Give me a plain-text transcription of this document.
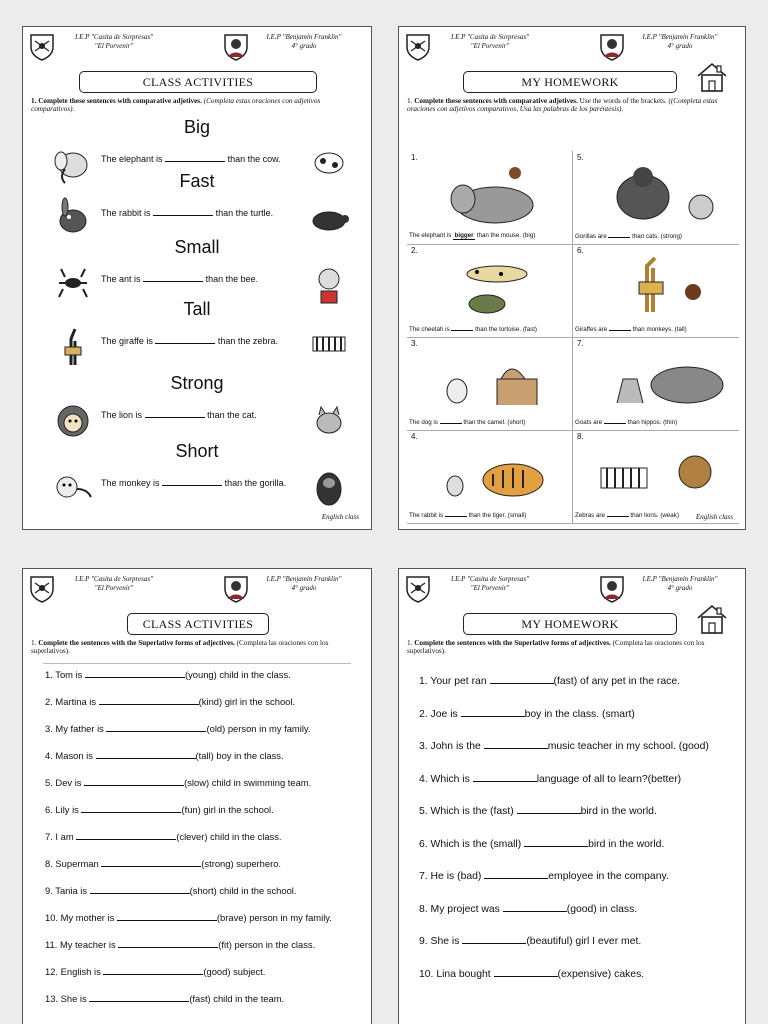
I.E.P "Casita de Sorpresas"
"El Porvenir"
I.E.P "Benjamín Franklin"
4° grado
CLASS ACTIVITIES
1. Complete these sentences with comparative adjetives. (Completa estas oraciones con adjetivos comparativos).
English class
Big
The elephant is	than the cow.
Fast
The rabbit is	than the turtle.
Small
The ant is	than the bee.
Tall
The giraffe is	than the zebra.
Strong
The lion is	than the cat.
Short
The monkey is	than the gorilla.
I.E.P "Casita de Sorpresas"
"El Porvenir"
I.E.P "Benjamín Franklin"
4° grado
MY HOMEWORK
1. Complete these sentences with comparative adjetives. Use the words of the brackets. ((Completa estas oraciones con adjetivos comparativos, Usa las palabras de los paréntesis).
1.
The elephant is bigger than the mouse. (big)
5.
Gorillas are	than cats. (strong)
2.
The cheetah is	than the tortoise. (fast)
6.
Giraffes are	than monkeys. (tall)
3.
The dog is	than the camel. (short)
7.
Goats are	than hippos. (thin)
4.
The rabbit is	than the tiger. (small)
8.
Zebras are	than lions. (weak)	English class
I.E.P "Casita de Sorpresas"
"El Porvenir"
I.E.P "Benjamín Franklin"
4° grado
CLASS ACTIVITIES
1. Complete the sentences with the Superlative forms of adjectives. (Completa las oraciones con los superlativos).
1. Tom is	(young) child in the class.
2. Martina is	(kind) girl in the school.
3. My father is	(old) person in my family.
4. Mason is	(tall) boy in the class.
5. Dev is	(slow) child in swimming team.
6. Lily is	(fun) girl in the school.
7. I am	(clever) child in the class.
8. Superman	(strong) superhero.
9. Tania is	(short) child in the school.
10. My mother is	(brave) person in my family.
11. My teacher is	(fit) person in the class.
12. English is	(good) subject.
13. She is	(fast) child in the team.
I.E.P "Casita de Sorpresas"
"El Porvenir"
I.E.P "Benjamín Franklin"
4° grado
MY HOMEWORK
1. Complete the sentences with the Superlative forms of adjectives. (Completa las oraciones con los superlativos).
1. Your pet ran	(fast) of any pet in the race.
2. Joe is	boy in the class. (smart)
3. John is the	music teacher in my school. (good)
4. Which is	language of all to learn?(better)
5. Which is the (fast)	bird in the world.
6. Which is the (small)	bird in the world.
7. He is (bad)	employee in the company.
8. My project was	(good) in class.
9. She is	(beautiful) girl I ever met.
10. Lina bought	(expensive) cakes.
